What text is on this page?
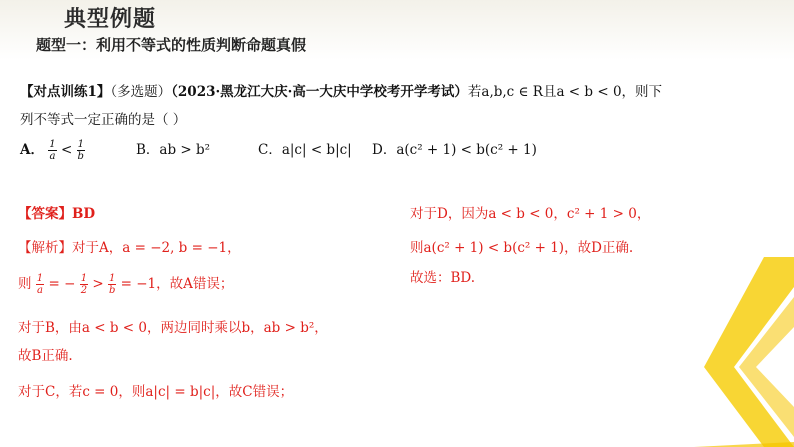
典型例题
题型一：利用不等式的性质判断命题真假
【对点训练1】（多选题）（2023·黑龙江大庆·高一大庆中学校考开学考试）若a,b,c ∈ R且a < b < 0，则下
列不等式一定正确的是（ ）
A． $\frac{1}{a} < \frac{1}{b}$	B．ab > b²	C．a|c| < b|c| D．a(c² + 1) < b(c² + 1)
【答案】BD
【解析】对于A，a = −2, b = −1，
则 $\frac{1}{a}$ = − $\frac{1}{2} > \frac{1}{b} = -1$，故A错误；
对于B，由a < b < 0，两边同时乘以b，ab > b²，
故B正确.
对于C，若c = 0，则a|c| = b|c|，故C错误；
对于D，因为a < b < 0，c² + 1 > 0，
则a(c² + 1) < b(c² + 1)，故D正确.
故选：BD.
